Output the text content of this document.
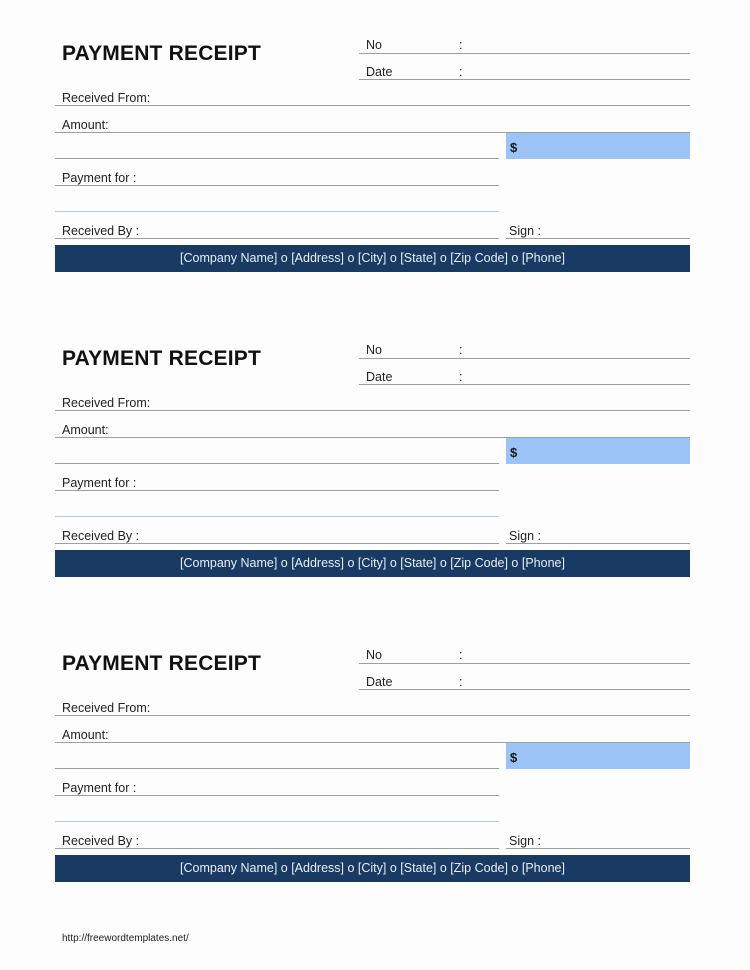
PAYMENT RECEIPT	No	:
Date	:
Received From:
Amount:
$
Payment for :
Received By :	Sign :
[Company Name] o [Address] o [City] o [State] o [Zip Code] o [Phone]
PAYMENT RECEIPT	No	:
Date	:
Received From:
Amount:
$
Payment for :
Received By :	Sign :
[Company Name] o [Address] o [City] o [State] o [Zip Code] o [Phone]
PAYMENT RECEIPT	No	:
Date	:
Received From:
Amount:
$
Payment for :
Received By :	Sign :
[Company Name] o [Address] o [City] o [State] o [Zip Code] o [Phone]
http://freewordtemplates.net/
